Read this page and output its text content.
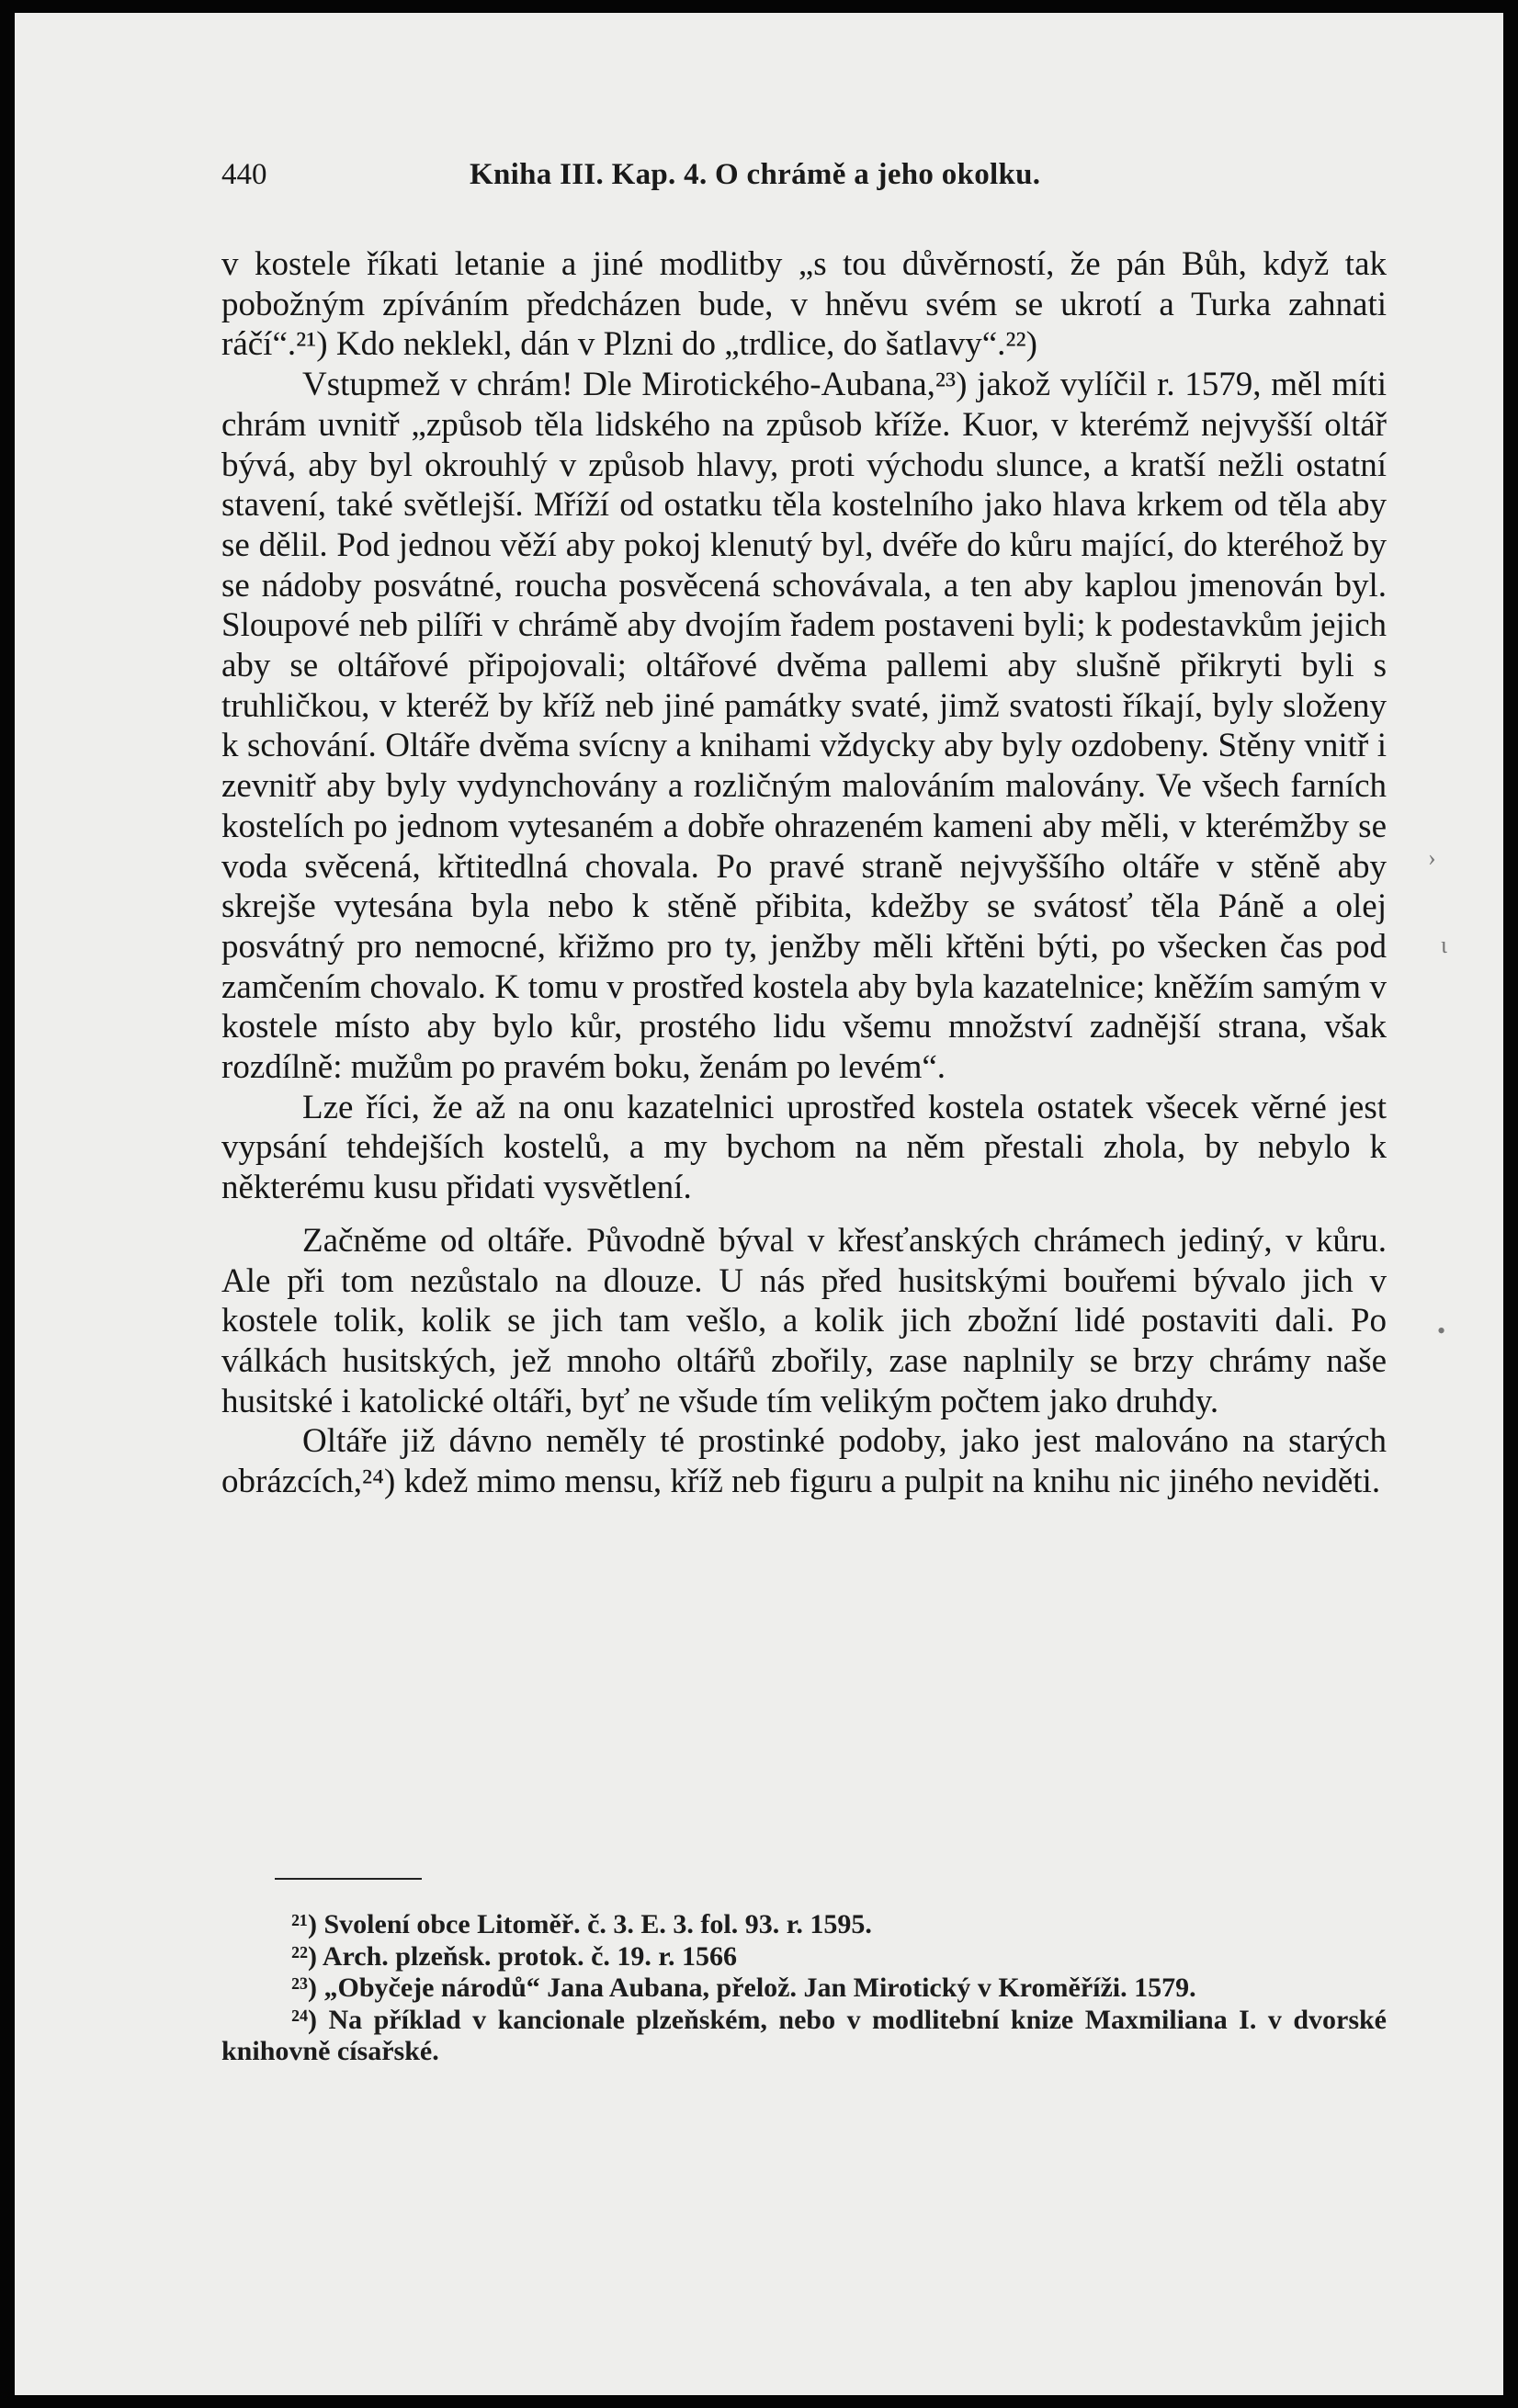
440	Kniha III. Kap. 4. O chrámě a jeho okolku.

v kostele říkati letanie a jiné modlitby „s tou důvěrností, že pán Bůh, když tak pobožným zpíváním předcházen bude, v hněvu svém se ukrotí a Turka zahnati ráčí“.²¹) Kdo neklekl, dán v Plzni do „trdlice, do šatlavy“.²²)

Vstupmež v chrám! Dle Mirotického-Aubana,²³) jakož vylíčil r. 1579, měl míti chrám uvnitř „způsob těla lidského na způsob kříže. Kuor, v kterémž nejvyšší oltář bývá, aby byl okrouhlý v způsob hlavy, proti východu slunce, a kratší nežli ostatní stavení, také světlejší. Mříží od ostatku těla kostelního jako hlava krkem od těla aby se dělil. Pod jednou věží aby pokoj klenutý byl, dvéře do kůru mající, do kteréhož by se nádoby posvátné, roucha posvěcená schovávala, a ten aby kaplou jmenován byl. Sloupové neb pilíři v chrámě aby dvojím řadem postaveni byli; k podestavkům jejich aby se oltářové připojovali; oltářové dvěma pallemi aby slušně přikryti byli s truhličkou, v kteréž by kříž neb jiné památky svaté, jimž svatosti říkají, byly složeny k schování. Oltáře dvěma svícny a knihami vždycky aby byly ozdobeny. Stěny vnitř i zevnitř aby byly vydynchovány a rozličným malováním malovány. Ve všech farních kostelích po jednom vytesaném a dobře ohrazeném kameni aby měli, v kterémžby se voda svěcená, křtitedlná chovala. Po pravé straně nejvyššího oltáře v stěně aby skrejše vytesána byla nebo k stěně přibita, kdežby se svátosť těla Páně a olej posvátný pro nemocné, křižmo pro ty, jenžby měli křtěni býti, po všecken čas pod zamčením chovalo. K tomu v prostřed kostela aby byla kazatelnice; kněžím samým v kostele místo aby bylo kůr, prostého lidu všemu množství zadnější strana, však rozdílně: mužům po pravém boku, ženám po levém“.

Lze říci, že až na onu kazatelnici uprostřed kostela ostatek všecek věrné jest vypsání tehdejších kostelů, a my bychom na něm přestali zhola, by nebylo k některému kusu přidati vysvětlení.

Začněme od oltáře. Původně býval v křesťanských chrámech jediný, v kůru. Ale při tom nezůstalo na dlouze. U nás před husitskými bouřemi bývalo jich v kostele tolik, kolik se jich tam vešlo, a kolik jich zbožní lidé postaviti dali. Po válkách husitských, jež mnoho oltářů zbořily, zase naplnily se brzy chrámy naše husitské i katolické oltáři, byť ne všude tím velikým počtem jako druhdy.

Oltáře již dávno neměly té prostinké podoby, jako jest malováno na starých obrázcích,²⁴) kdež mimo mensu, kříž neb figuru a pulpit na knihu nic jiného neviděti.

²¹) Svolení obce Litoměř. č. 3. E. 3. fol. 93. r. 1595.

²²) Arch. plzeňsk. protok. č. 19. r. 1566

²³) „Obyčeje národů“ Jana Aubana, přelož. Jan Mirotický v Kroměříži. 1579.

²⁴) Na příklad v kancionale plzeňském, nebo v modlitební knize Maxmiliana I. v dvorské knihovně císařské.

›
ɩ
•
